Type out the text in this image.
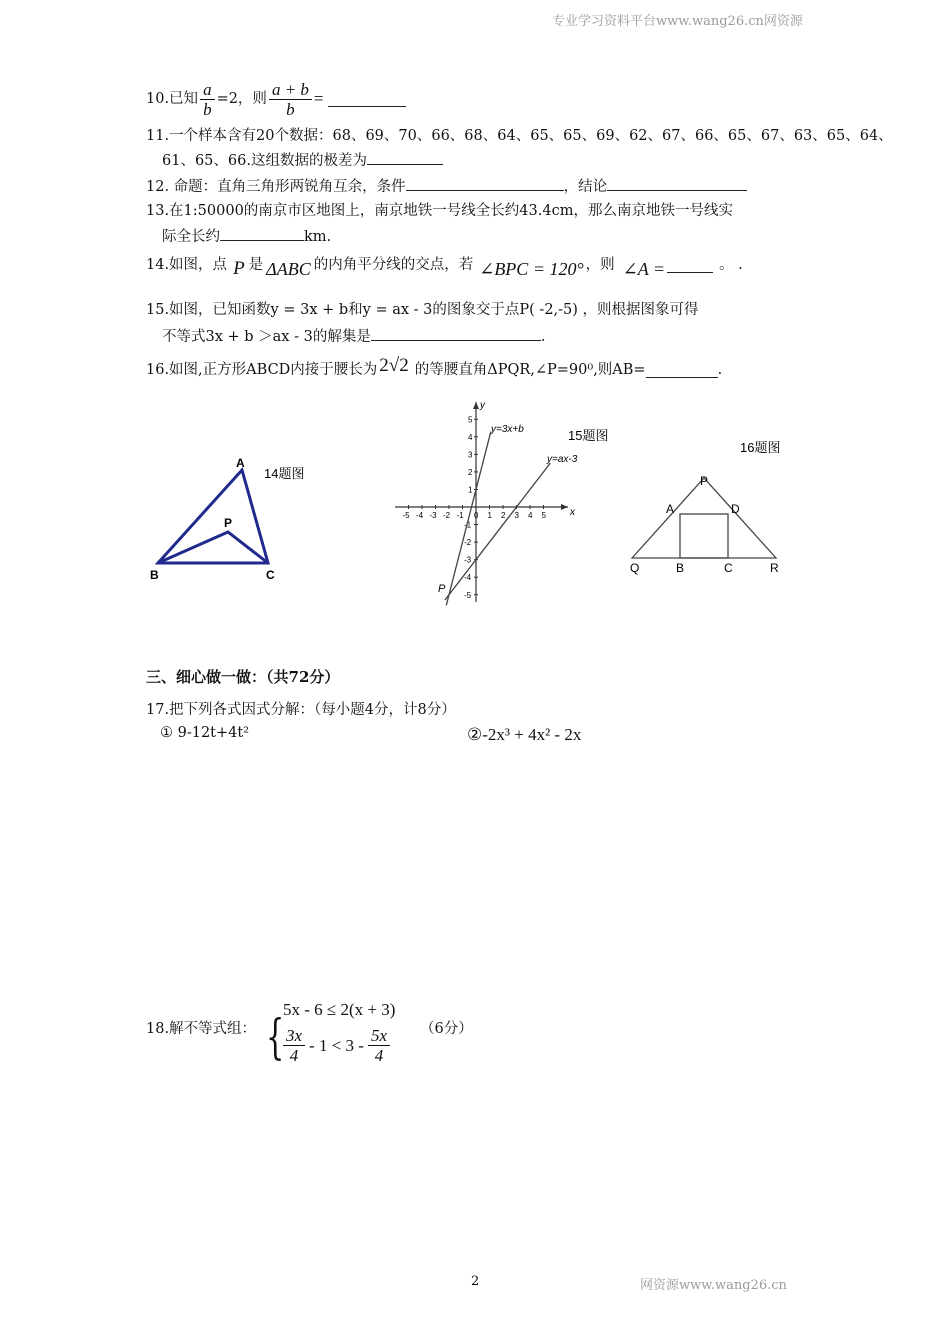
专业学习资料平台www.wang26.cn网资源
10.已知 $\frac{a}{b} =2$，则 $\frac{a + b}{b}$ =
11.一个样本含有20个数据：68、69、70、66、68、64、65、65、69、62、67、66、65、67、63、65、64、
61、65、66.这组数据的极差为
12. 命题：直角三角形两锐角互余，条件	，结论
13.在1:50000的南京市区地图上，南京地铁一号线全长约43.4cm，那么南京地铁一号线实
际全长约	km.
14.如图，点 P 是 ΔABC 的内角平分线的交点，若 ∠BPC = 120° ，则 ∠A =	。 .
15.如图，已知函数y = 3x + b和y = ax - 3的图象交于点P( -2,-5) ，则根据图象可得
不等式3x + b ＞ax - 3的解集是	.
16.如图,正方形ABCD内接于腰长为 2√2 的等腰直角ΔPQR,∠P=90⁰,则AB=	.
A
P
B	C
14题图
-5 -4 -3 -2 -1 0 1 2 3 4 5
5
4
3
2
1
-1
-2
-3
-4
-5
y=3x+b
y=ax-3
x
y
P
15题图
P
A	D
Q	B	C	R
16题图
三、细心做一做：（共72分）
17.把下列各式因式分解：（每小题4分，计8分）
① 9-12t+4t²	②-2x³ + 4x² - 2x
18.解不等式组： {
5x - 6 ≤ 2(x + 3)
$\frac{3x}{4} - 1 < 3 - \frac{5x}{4} (6$分）
2	网资源www.wang26.cn
